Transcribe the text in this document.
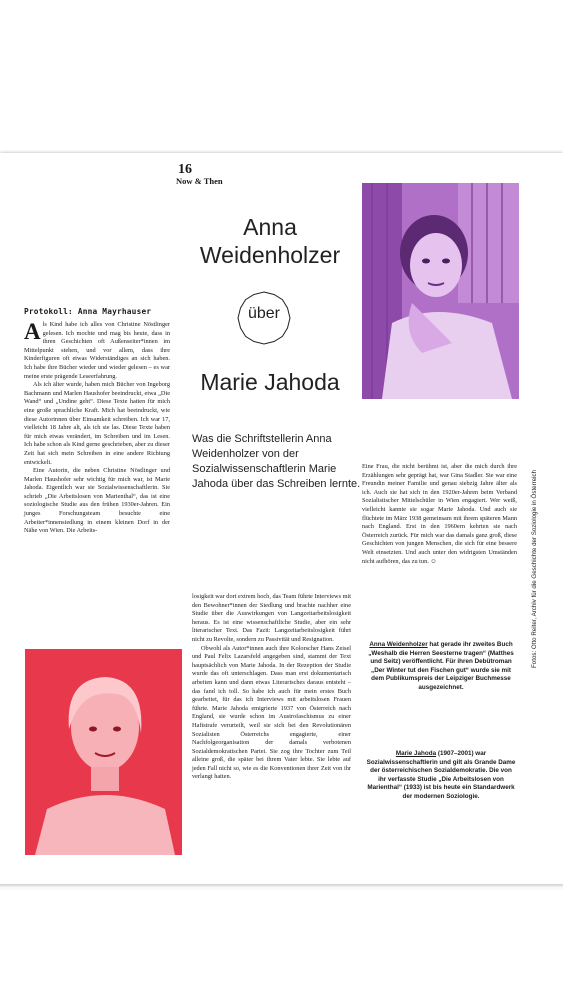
16
Now & Then
Anna
Weidenholzer
über
Marie Jahoda
Protokoll: Anna Mayrhauser

Als Kind habe ich alles von Christine Nöstlinger gelesen. Ich mochte und mag bis heute, dass in ihren Geschichten oft Außenseiter*innen im Mittelpunkt stehen, und vor allem, dass ihre Kinderfiguren oft etwas Widerständiges an sich haben. Ich habe ihre Bücher wieder und wieder gelesen – es war meine erste prägende Leseerfahrung.

Als ich älter wurde, haben mich Bücher von Ingeborg Bachmann und Marlen Haushofer beeindruckt, etwa „Die Wand“ und „Undine geht“. Diese Texte hatten für mich eine große sprachliche Kraft. Mich hat beeindruckt, wie diese Autorinnen über Einsamkeit schreiben. Ich war 17, vielleicht 18 Jahre alt, als ich sie las. Diese Texte haben für mich etwas verändert, im Schreiben und im Lesen. Ich habe schon als Kind gerne geschrieben, aber zu dieser Zeit hat sich mein Schreiben in eine andere Richtung entwickelt.

Eine Autorin, die neben Christine Nöstlinger und Marlen Haushofer sehr wichtig für mich war, ist Marie Jahoda. Eigentlich war sie Sozialwissenschaftlerin. Sie schrieb „Die Arbeitslosen von Marienthal“, das ist eine soziologische Studie aus den frühen 1930er-Jahren. Ein junges Forschungsteam besuchte eine Arbeiter*innensiedlung in einem kleinen Dorf in der Nähe von Wien. Die Arbeits-

Was die Schriftstellerin Anna Weidenholzer von der Sozialwissenschaftlerin Marie Jahoda über das Schreiben lernte.

losigkeit war dort extrem hoch, das Team führte Interviews mit den Bewohner*innen der Siedlung und brachte nachher eine Studie über die Auswirkungen von Langzeitarbeitslosigkeit heraus. Es ist eine wissenschaftliche Studie, aber ein sehr literarischer Text. Das Fazit: Langzeitarbeitslosigkeit führt nicht zu Revolte, sondern zu Passivität und Resignation.

Obwohl als Autor*innen auch ihre Kolorscher Hans Zeisel und Paul Felix Lazarsfeld angegeben sind, stammt der Text hauptsächlich von Marie Jahoda. In der Rezeption der Studie wurde das oft unterschlagen. Dass man erst dokumentarisch arbeiten kann und dann etwas Literarisches daraus entsteht – das fand ich toll. So habe ich auch für mein erstes Buch gearbeitet, für das ich Interviews mit arbeitslosen Frauen führte. Marie Jahoda emigrierte 1937 von Österreich nach England, sie wurde schon im Austrofaschismus zu einer Haftstrafe verurteilt, weil sie sich bei den Revolutionären Sozialisten Österreichs engagierte, einer Nachfolgeorganisation der damals verbotenen Sozialdemokratischen Partei. Sie zog ihre Tochter zum Teil alleine groß, die später bei ihrem Vater lebte. Sie lebte auf jeden Fall nicht so, wie es die Konventionen ihrer Zeit von ihr verlangt hatten.

Eine Frau, die nicht berühmt ist, aber die mich durch ihre Erzählungen sehr geprägt hat, war Gina Stadler. Sie war eine Freundin meiner Familie und genau siebzig Jahre älter als ich. Auch sie hat sich in den 1920er-Jahren beim Verband Sozialistischer Mittelschüler in Wien engagiert. Wer weiß, vielleicht kannte sie sogar Marie Jahoda. Und auch sie flüchtete im März 1938 gemeinsam mit ihrem späteren Mann nach England. Erst in den 1960ern kehrten sie nach Österreich zurück. Für mich war das damals ganz groß, diese Geschichten von jungen Menschen, die sich für eine bessere Welt einsetzten. Und auch unter den widrigsten Umständen nicht aufhören, das zu tun. ☺

Anna Weidenholzer hat gerade ihr zweites Buch „Weshalb die Herren Seesterne tragen“ (Matthes und Seitz) veröffentlicht. Für ihren Debütroman „Der Winter tut den Fischen gut“ wurde sie mit dem Publikumspreis der Leipziger Buchmesse ausgezeichnet.
Marie Jahoda (1907–2001) war Sozialwissenschaftlerin und gilt als Grande Dame der österreichischen Sozialdemokratie. Die von ihr verfasste Studie „Die Arbeitslosen von Marienthal“ (1933) ist bis heute ein Standardwerk der modernen Soziologie.
Fotos: Otto Reiter, Archiv für die Geschichte der Soziologie in Österreich
